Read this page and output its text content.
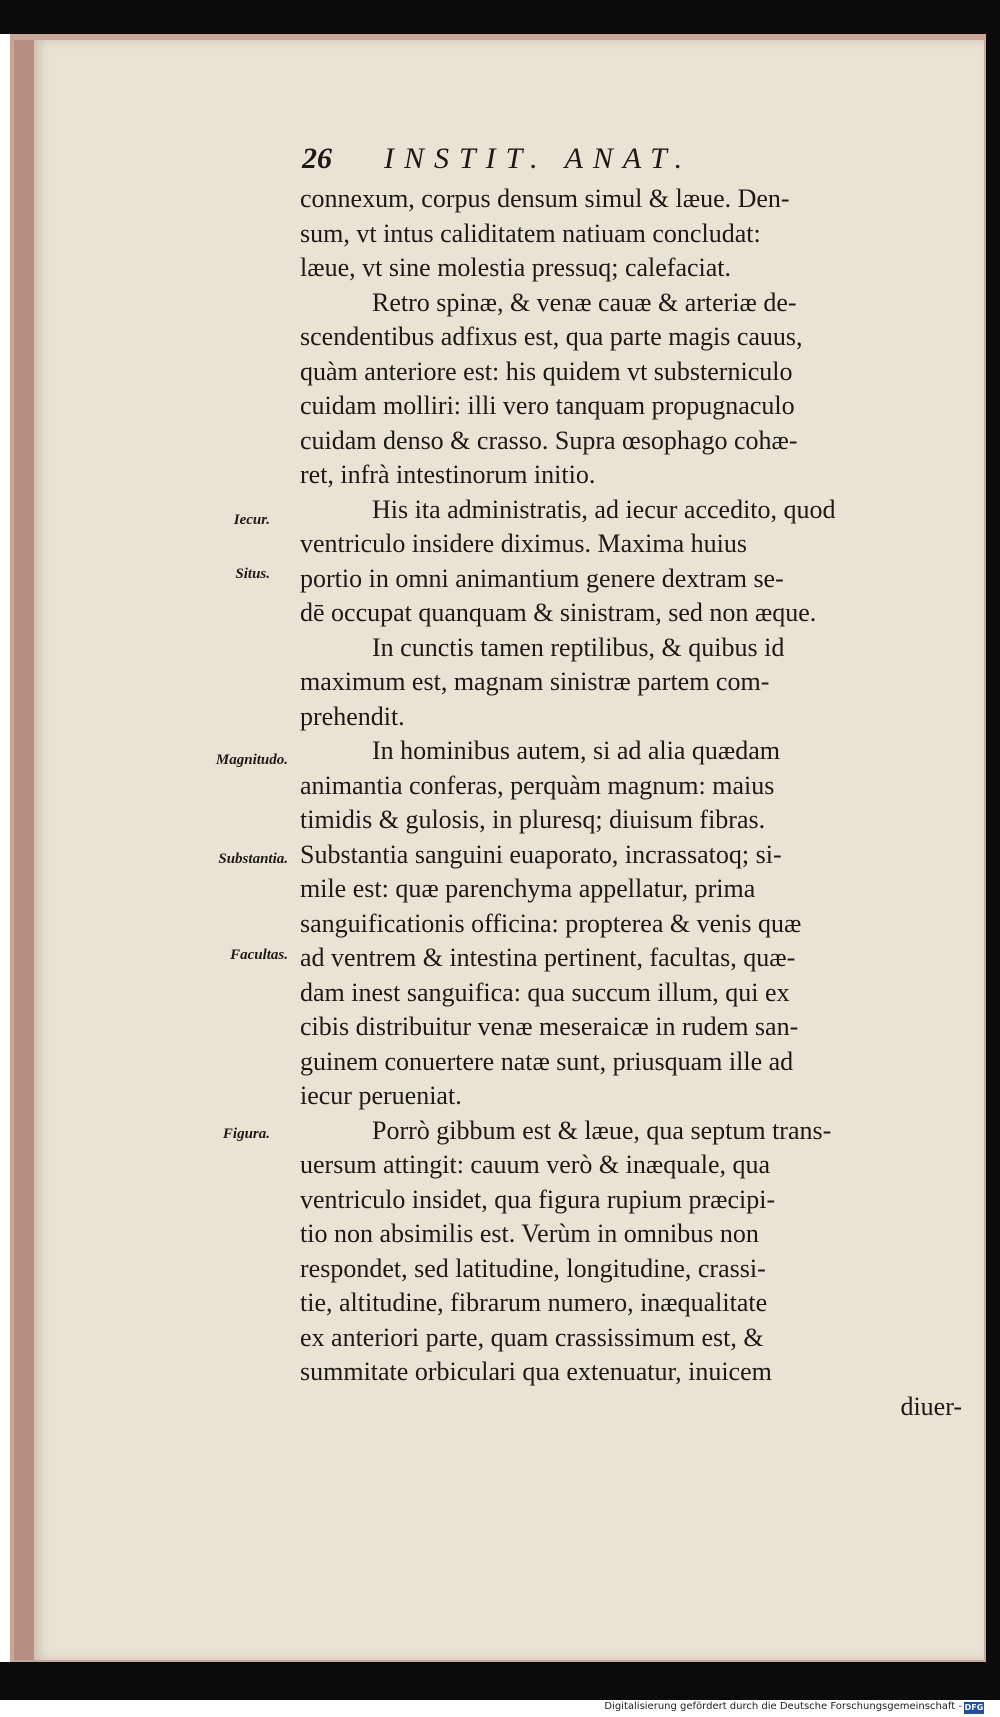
26 INSTIT. ANAT.
Iecur.
Situs.
Magnitudo.
Substantia.
Facultas.
Figura.
connexum, corpus densum simul & læue. Den-
sum, vt intus caliditatem natiuam concludat:
læue, vt sine molestia pressuq; calefaciat.
Retro spinæ, & venæ cauæ & arteriæ de-
scendentibus adfixus est, qua parte magis cauus,
quàm anteriore est: his quidem vt substerniculo
cuidam molliri: illi vero tanquam propugnaculo
cuidam denso & crasso. Supra œsophago cohæ-
ret, infrà intestinorum initio.
His ita administratis, ad iecur accedito, quod
ventriculo insidere diximus. Maxima huius
portio in omni animantium genere dextram se-
dē occupat quanquam & sinistram, sed non æque.
In cunctis tamen reptilibus, & quibus id
maximum est, magnam sinistræ partem com-
prehendit.
In hominibus autem, si ad alia quædam
animantia conferas, perquàm magnum: maius
timidis & gulosis, in pluresq; diuisum fibras.
Substantia sanguini euaporato, incrassatoq; si-
mile est: quæ parenchyma appellatur, prima
sanguificationis officina: propterea & venis quæ
ad ventrem & intestina pertinent, facultas, quæ-
dam inest sanguifica: qua succum illum, qui ex
cibis distribuitur venæ meseraicæ in rudem san-
guinem conuertere natæ sunt, priusquam ille ad
iecur perueniat.
Porrò gibbum est & læue, qua septum trans-
uersum attingit: cauum verò & inæquale, qua
ventriculo insidet, qua figura rupium præcipi-
tio non absimilis est. Verùm in omnibus non
respondet, sed latitudine, longitudine, crassi-
tie, altitudine, fibrarum numero, inæqualitate
ex anteriori parte, quam crassissimum est, &
summitate orbiculari qua extenuatur, inuicem
diuer-
Digitalisierung gefördert durch die Deutsche Forschungsgemeinschaft - DFG
